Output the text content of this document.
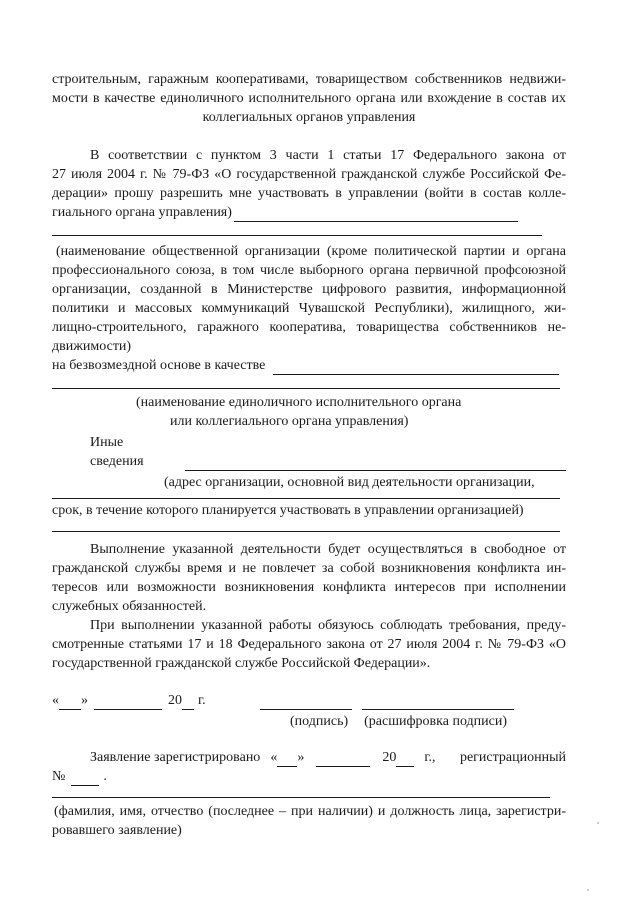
строительным, гаражным кооперативами, товариществом собственников недвижи-
мости в качестве единоличного исполнительного органа или вхождение в состав их
коллегиальных органов управления
В соответствии с пунктом 3 части 1 статьи 17 Федерального закона от
27 июля 2004 г. № 79-ФЗ «О государственной гражданской службе Российской Фе-
дерации» прошу разрешить мне участвовать в управлении (войти в состав колле-
гиального органа управления)
(наименование общественной организации (кроме политической партии и органа
профессионального союза, в том числе выборного органа первичной профсоюзной
организации, созданной в Министерстве цифрового развития, информационной
политики и массовых коммуникаций Чувашской Республики), жилищного, жи-
лищно-строительного, гаражного кооператива, товарищества собственников не-
движимости)
на безвозмездной основе в качестве
(наименование единоличного исполнительного органа
или коллегиального органа управления)
Иные сведения
(адрес организации, основной вид деятельности организации,
срок, в течение которого планируется участвовать в управлении организацией)
Выполнение указанной деятельности будет осуществляться в свободное от
гражданской службы время и не повлечет за собой возникновения конфликта ин-
тересов или возможности возникновения конфликта интересов при исполнении
служебных обязанностей.
При выполнении указанной работы обязуюсь соблюдать требования, преду-
смотренные статьями 17 и 18 Федерального закона от 27 июля 2004 г. № 79-ФЗ «О
государственной гражданской службе Российской Федерации».
« »	20 г.
(подпись) (расшифровка подписи)
Заявление зарегистрировано « »	20 г., регистрационный
№	.
(фамилия, имя, отчество (последнее – при наличии) и должность лица, зарегистри-
ровавшего заявление)
